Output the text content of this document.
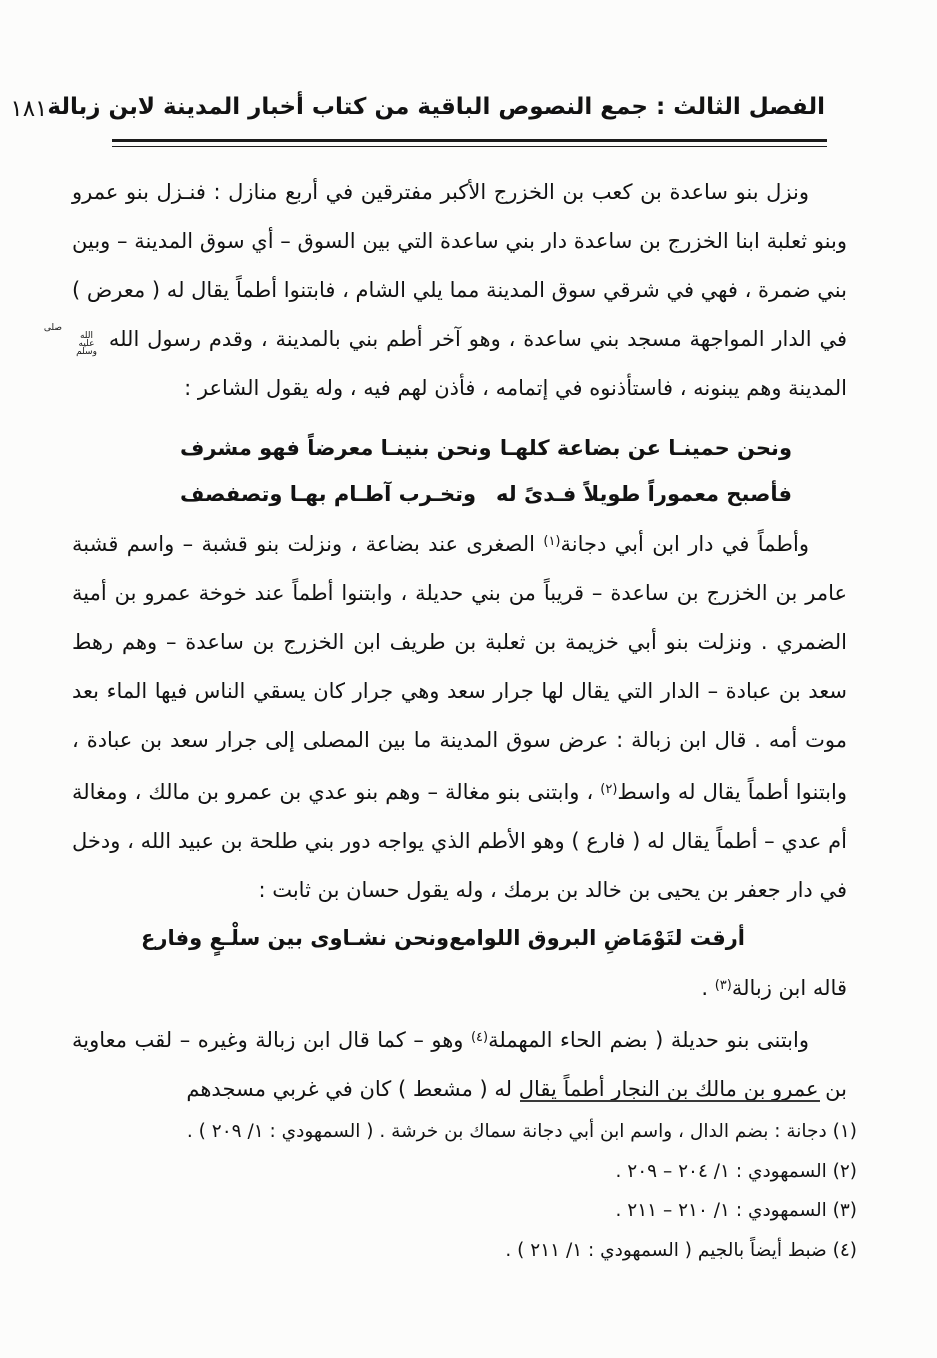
الفصل الثالث : جمع النصوص الباقية من كتاب أخبار المدينة لابن زبالة
١٨١

ونزل بنو ساعدة بن كعب بن الخزرج الأكبر مفترقين في أربع منازل : فنـزل بنو عمرو وبنو ثعلبة ابنا الخزرج بن ساعدة دار بني ساعدة التي بين السوق – أي سوق المدينة – وبين بني ضمرة ، فهي في شرقي سوق المدينة مما يلي الشام ، فابتنوا أطماً يقال له ( معرض ) في الدار المواجهة مسجد بني ساعدة ، وهو آخر أطم بني بالمدينة ، وقدم رسول الله صلى الله عليه وسلم المدينة وهم يبنونه ، فاستأذنوه في إتمامه ، فأذن لهم فيه ، وله يقول الشاعر :

ونحن حمينـا عن بضاعة كلهـا
ونحن بنينـا معرضاً فهو مشرف
فأصبح معموراً طويلاً فـدىً له
وتخـرب آطـام بهـا وتصفصف

وأطماً في دار ابن أبي دجانة$^{(١)}$ الصغرى عند بضاعة ، ونزلت بنو قشبة – واسم قشبة عامر بن الخزرج بن ساعدة – قريباً من بني حديلة ، وابتنوا أطماً عند خوخة عمرو بن أمية الضمري . ونزلت بنو أبي خزيمة بن ثعلبة بن طريف ابن الخزرج بن ساعدة – وهم رهط سعد بن عبادة – الدار التي يقال لها جرار سعد وهي جرار كان يسقي الناس فيها الماء بعد موت أمه . قال ابن زبالة : عرض سوق المدينة ما بين المصلى إلى جرار سعد بن عبادة ، وابتنوا أطماً يقال له واسط$^{(٢)}$ ، وابتنى بنو مغالة – وهم بنو عدي بن عمرو بن مالك ، ومغالة أم عدي – أطماً يقال له ( فارع ) وهو الأطم الذي يواجه دور بني طلحة بن عبيد الله ، ودخل في دار جعفر بن يحيى بن خالد بن برمك ، وله يقول حسان بن ثابت :

أرقت لتَوْمَاضِ البروق اللوامع
ونحن نشـاوى بين سلْـعٍ وفارع

قاله ابن زبالة$^{(٣)}$ .

وابتنى بنو حديلة ( بضم الحاء المهملة$^{(٤)}$ وهو – كما قال ابن زبالة وغيره – لقب معاوية بن عمرو بن مالك بن النجار أطماً يقال له ( مشعط ) كان في غربي مسجدهم

(١) دجانة : بضم الدال ، واسم ابن أبي دجانة سماك بن خرشة . ( السمهودي : ١/ ٢٠٩ ) .
(٢) السمهودي : ١/ ٢٠٤ – ٢٠٩ .
(٣) السمهودي : ١/ ٢١٠ – ٢١١ .
(٤) ضبط أيضاً بالجيم ( السمهودي : ١/ ٢١١ ) .
